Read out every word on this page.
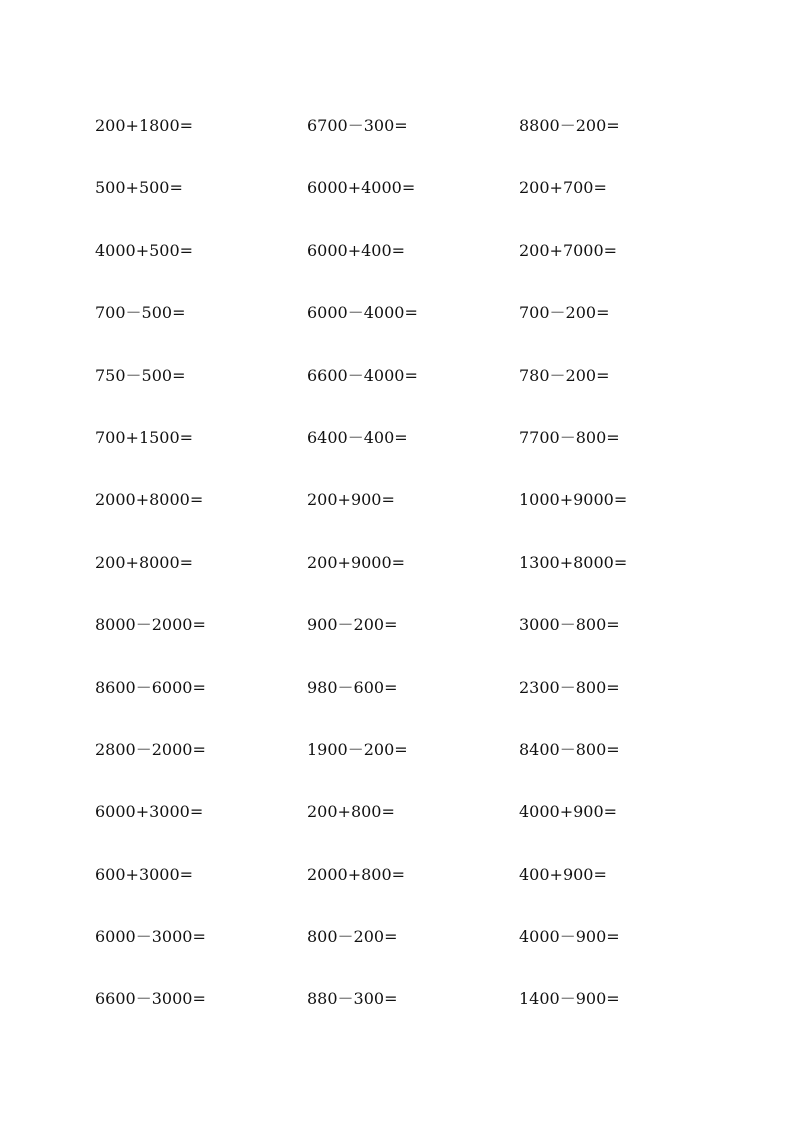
200+1800=	6700－300=	8800－200=
500+500=	6000+4000=	200+700=
4000+500=	6000+400=	200+7000=
700－500=	6000－4000=	700－200=
750－500=	6600－4000=	780－200=
700+1500=	6400－400=	7700－800=
2000+8000=	200+900=	1000+9000=
200+8000=	200+9000=	1300+8000=
8000－2000=	900－200=	3000－800=
8600－6000=	980－600=	2300－800=
2800－2000=	1900－200=	8400－800=
6000+3000=	200+800=	4000+900=
600+3000=	2000+800=	400+900=
6000－3000=	800－200=	4000－900=
6600－3000=	880－300=	1400－900=
